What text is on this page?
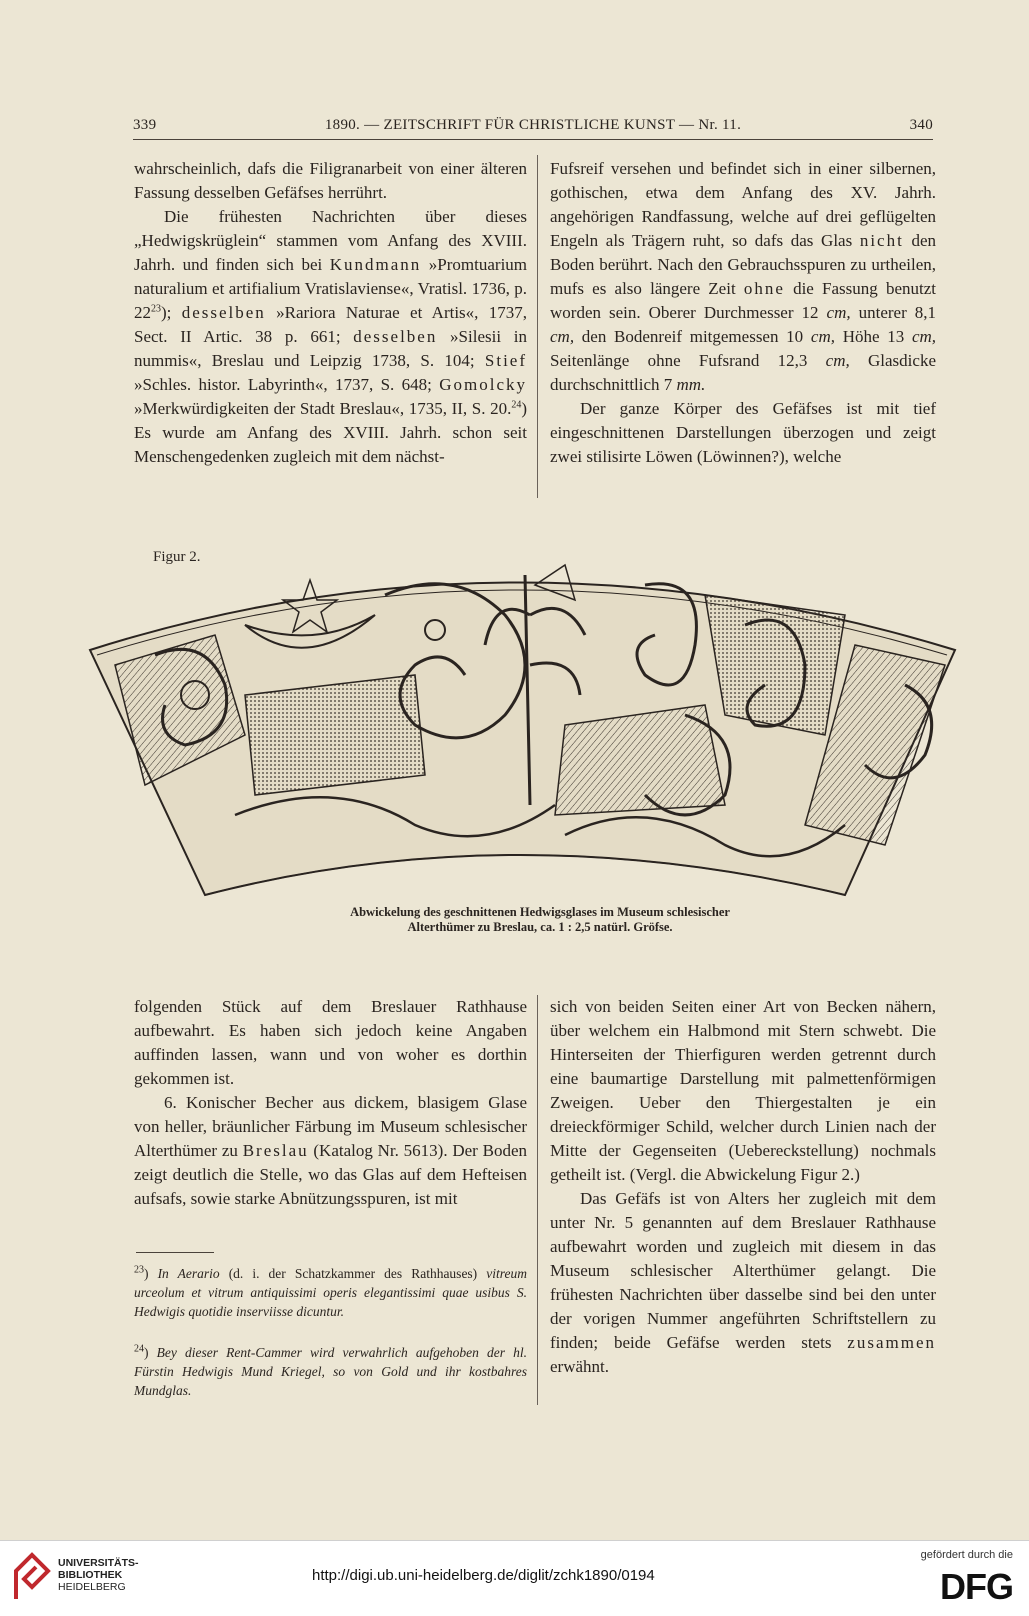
339	1890. — ZEITSCHRIFT FÜR CHRISTLICHE KUNST — Nr. 11.	340

wahrscheinlich, dafs die Filigranarbeit von einer älteren Fassung desselben Gefäfses herrührt.

Die frühesten Nachrichten über dieses „Hedwigskrüglein“ stammen vom Anfang des XVIII. Jahrh. und finden sich bei Kundmann »Promtuarium naturalium et artifialium Vratislaviense«, Vratisl. 1736, p. $22^{23}$); desselben »Rariora Naturae et Artis«, 1737, Sect. II Artic. 38 p. 661; desselben »Silesii in nummis«, Breslau und Leipzig 1738, S. 104; Stief »Schles. histor. Labyrinth«, 1737, S. 648; Gomolcky »Merkwürdigkeiten der Stadt Breslau«, 1735, II, S. 20.24) Es wurde am Anfang des XVIII. Jahrh. schon seit Menschengedenken zugleich mit dem nächst-

Fufsreif versehen und befindet sich in einer silbernen, gothischen, etwa dem Anfang des XV. Jahrh. angehörigen Randfassung, welche auf drei geflügelten Engeln als Trägern ruht, so dafs das Glas nicht den Boden berührt. Nach den Gebrauchsspuren zu urtheilen, mufs es also längere Zeit ohne die Fassung benutzt worden sein. Oberer Durchmesser 12 cm, unterer 8,1 cm, den Bodenreif mitgemessen 10 cm, Höhe 13 cm, Seitenlänge ohne Fufsrand 12,3 cm, Glasdicke durchschnittlich 7 mm.

Der ganze Körper des Gefäfses ist mit tief eingeschnittenen Darstellungen überzogen und zeigt zwei stilisirte Löwen (Löwinnen?), welche

Figur 2.
Abwickelung des geschnittenen Hedwigsglases im Museum schlesischer
Alterthümer zu Breslau, ca. 1 : 2,5 natürl. Gröfse.

folgenden Stück auf dem Breslauer Rathhause aufbewahrt. Es haben sich jedoch keine Angaben auffinden lassen, wann und von woher es dorthin gekommen ist.

6. Konischer Becher aus dickem, blasigem Glase von heller, bräunlicher Färbung im Museum schlesischer Alterthümer zu Breslau (Katalog Nr. 5613). Der Boden zeigt deutlich die Stelle, wo das Glas auf dem Hefteisen aufsafs, sowie starke Abnützungsspuren, ist mit

$^{23}$) In Aerario (d. i. der Schatzkammer des Rathhauses) vitreum urceolum et vitrum antiquissimi operis elegantissimi quae usibus S. Hedwigis quotidie inserviisse dicuntur.
$^{24}$) Bey dieser Rent-Cammer wird verwahrlich aufgehoben der hl. Fürstin Hedwigis Mund Kriegel, so von Gold und ihr kostbahres Mundglas.

sich von beiden Seiten einer Art von Becken nähern, über welchem ein Halbmond mit Stern schwebt. Die Hinterseiten der Thierfiguren werden getrennt durch eine baumartige Darstellung mit palmettenförmigen Zweigen. Ueber den Thiergestalten je ein dreieckförmiger Schild, welcher durch Linien nach der Mitte der Gegenseiten (Uebereckstellung) nochmals getheilt ist. (Vergl. die Abwickelung Figur 2.)

Das Gefäfs ist von Alters her zugleich mit dem unter Nr. 5 genannten auf dem Breslauer Rathhause aufbewahrt worden und zugleich mit diesem in das Museum schlesischer Alterthümer gelangt. Die frühesten Nachrichten über dasselbe sind bei den unter der vorigen Nummer angeführten Schriftstellern zu finden; beide Gefäfse werden stets zusammen erwähnt.

UNIVERSITÄTS-
BIBLIOTHEK
HEIDELBERG
http://digi.ub.uni-heidelberg.de/diglit/zchk1890/0194
gefördert durch die
DFG
